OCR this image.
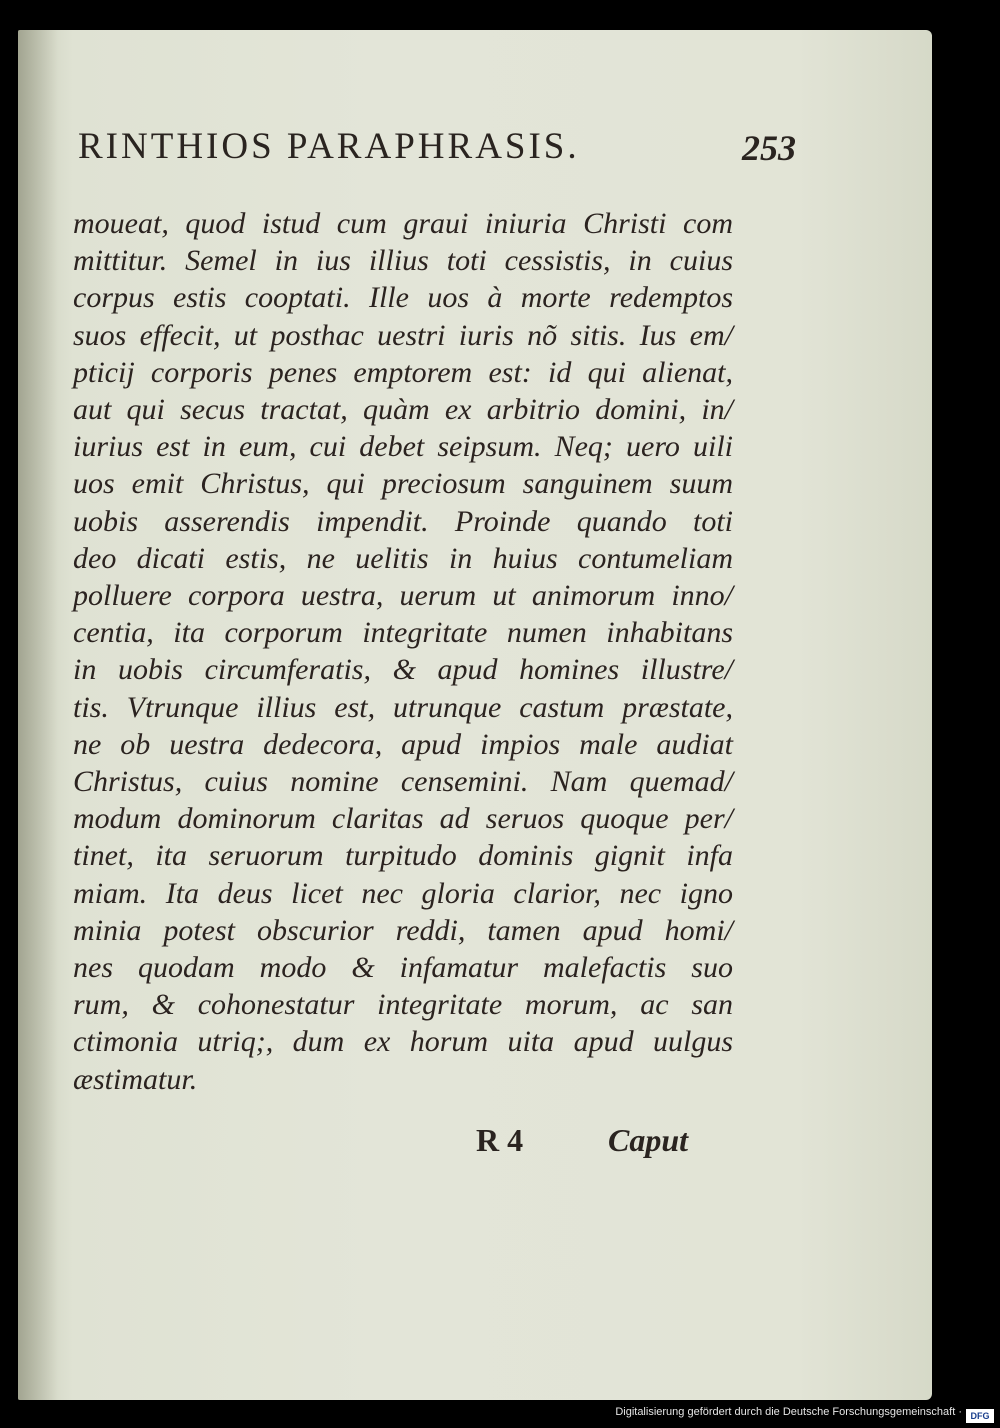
RINTHIOS PARAPHRASIS.	253
moueat, quod istud cum graui iniuria Christi com
mittitur. Semel in ius illius toti cessistis, in cuius
corpus estis cooptati. Ille uos à morte redemptos
suos effecit, ut posthac uestri iuris nõ sitis. Ius em/
pticij corporis penes emptorem est: id qui alienat,
aut qui secus tractat, quàm ex arbitrio domini, in/
iurius est in eum, cui debet seipsum. Neq; uero uili
uos emit Christus, qui preciosum sanguinem suum
uobis asserendis impendit. Proinde quando toti
deo dicati estis, ne uelitis in huius contumeliam
polluere corpora uestra, uerum ut animorum inno/
centia, ita corporum integritate numen inhabitans
in uobis circumferatis, & apud homines illustre/
tis. Vtrunque illius est, utrunque castum præstate,
ne ob uestra dedecora, apud impios male audiat
Christus, cuius nomine censemini. Nam quemad/
modum dominorum claritas ad seruos quoque per/
tinet, ita seruorum turpitudo dominis gignit infa
miam. Ita deus licet nec gloria clarior, nec igno
minia potest obscurior reddi, tamen apud homi/
nes quodam modo & infamatur malefactis suo
rum, & cohonestatur integritate morum, ac san
ctimonia utriq;, dum ex horum uita apud uulgus
æstimatur.
R 4	Caput
Digitalisierung gefördert durch die Deutsche Forschungsgemeinschaft · DFG
